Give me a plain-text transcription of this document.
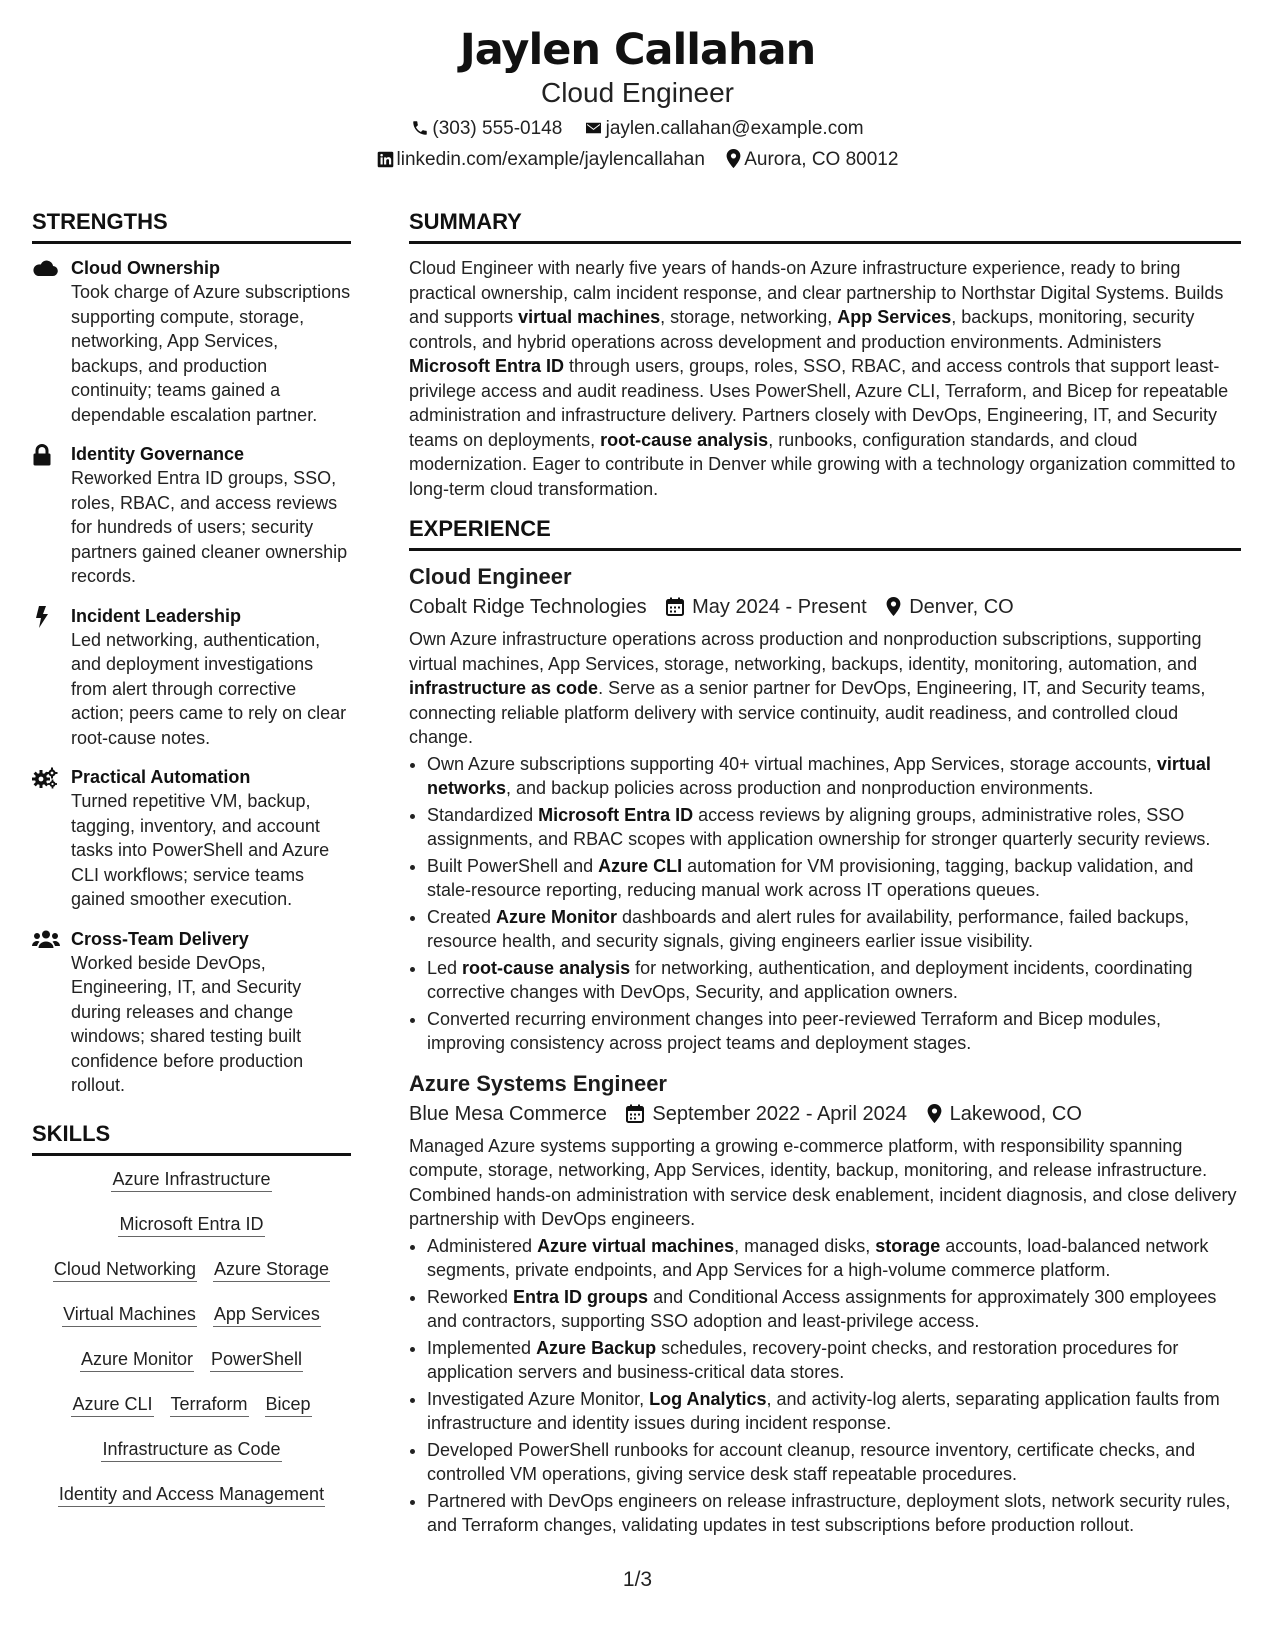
Jaylen Callahan
Cloud Engineer
(303) 555-0148 jaylen.callahan@example.com
linkedin.com/example/jaylencallahan Aurora, CO 80012
STRENGTHS
Cloud Ownership
Took charge of Azure subscriptions supporting compute, storage, networking, App Services, backups, and production continuity; teams gained a dependable escalation partner.
Identity Governance
Reworked Entra ID groups, SSO, roles, RBAC, and access reviews for hundreds of users; security partners gained cleaner ownership records.
Incident Leadership
Led networking, authentication, and deployment investigations from alert through corrective action; peers came to rely on clear root-cause notes.
Practical Automation
Turned repetitive VM, backup, tagging, inventory, and account tasks into PowerShell and Azure CLI workflows; service teams gained smoother execution.
Cross-Team Delivery
Worked beside DevOps, Engineering, IT, and Security during releases and change windows; shared testing built confidence before production rollout.
SKILLS
Azure Infrastructure
Microsoft Entra ID
Cloud Networking Azure Storage
Virtual Machines App Services
Azure Monitor PowerShell
Azure CLI Terraform Bicep
Infrastructure as Code
Identity and Access Management
SUMMARY
Cloud Engineer with nearly five years of hands-on Azure infrastructure experience, ready to bring practical ownership, calm incident response, and clear partnership to Northstar Digital Systems. Builds and supports virtual machines, storage, networking, App Services, backups, monitoring, security controls, and hybrid operations across development and production environments. Administers Microsoft Entra ID through users, groups, roles, SSO, RBAC, and access controls that support least-privilege access and audit readiness. Uses PowerShell, Azure CLI, Terraform, and Bicep for repeatable administration and infrastructure delivery. Partners closely with DevOps, Engineering, IT, and Security teams on deployments, root-cause analysis, runbooks, configuration standards, and cloud modernization. Eager to contribute in Denver while growing with a technology organization committed to long-term cloud transformation.
EXPERIENCE
Cloud Engineer
Cobalt Ridge Technologies May 2024 - Present Denver, CO
Own Azure infrastructure operations across production and nonproduction subscriptions, supporting virtual machines, App Services, storage, networking, backups, identity, monitoring, automation, and infrastructure as code. Serve as a senior partner for DevOps, Engineering, IT, and Security teams, connecting reliable platform delivery with service continuity, audit readiness, and controlled cloud change.
• Own Azure subscriptions supporting 40+ virtual machines, App Services, storage accounts, virtual networks, and backup policies across production and nonproduction environments.
• Standardized Microsoft Entra ID access reviews by aligning groups, administrative roles, SSO assignments, and RBAC scopes with application ownership for stronger quarterly security reviews.
• Built PowerShell and Azure CLI automation for VM provisioning, tagging, backup validation, and stale-resource reporting, reducing manual work across IT operations queues.
• Created Azure Monitor dashboards and alert rules for availability, performance, failed backups, resource health, and security signals, giving engineers earlier issue visibility.
• Led root-cause analysis for networking, authentication, and deployment incidents, coordinating corrective changes with DevOps, Security, and application owners.
• Converted recurring environment changes into peer-reviewed Terraform and Bicep modules, improving consistency across project teams and deployment stages.
Azure Systems Engineer
Blue Mesa Commerce September 2022 - April 2024 Lakewood, CO
Managed Azure systems supporting a growing e-commerce platform, with responsibility spanning compute, storage, networking, App Services, identity, backup, monitoring, and release infrastructure. Combined hands-on administration with service desk enablement, incident diagnosis, and close delivery partnership with DevOps engineers.
• Administered Azure virtual machines, managed disks, storage accounts, load-balanced network segments, private endpoints, and App Services for a high-volume commerce platform.
• Reworked Entra ID groups and Conditional Access assignments for approximately 300 employees and contractors, supporting SSO adoption and least-privilege access.
• Implemented Azure Backup schedules, recovery-point checks, and restoration procedures for application servers and business-critical data stores.
• Investigated Azure Monitor, Log Analytics, and activity-log alerts, separating application faults from infrastructure and identity issues during incident response.
• Developed PowerShell runbooks for account cleanup, resource inventory, certificate checks, and controlled VM operations, giving service desk staff repeatable procedures.
• Partnered with DevOps engineers on release infrastructure, deployment slots, network security rules, and Terraform changes, validating updates in test subscriptions before production rollout.
1/3
